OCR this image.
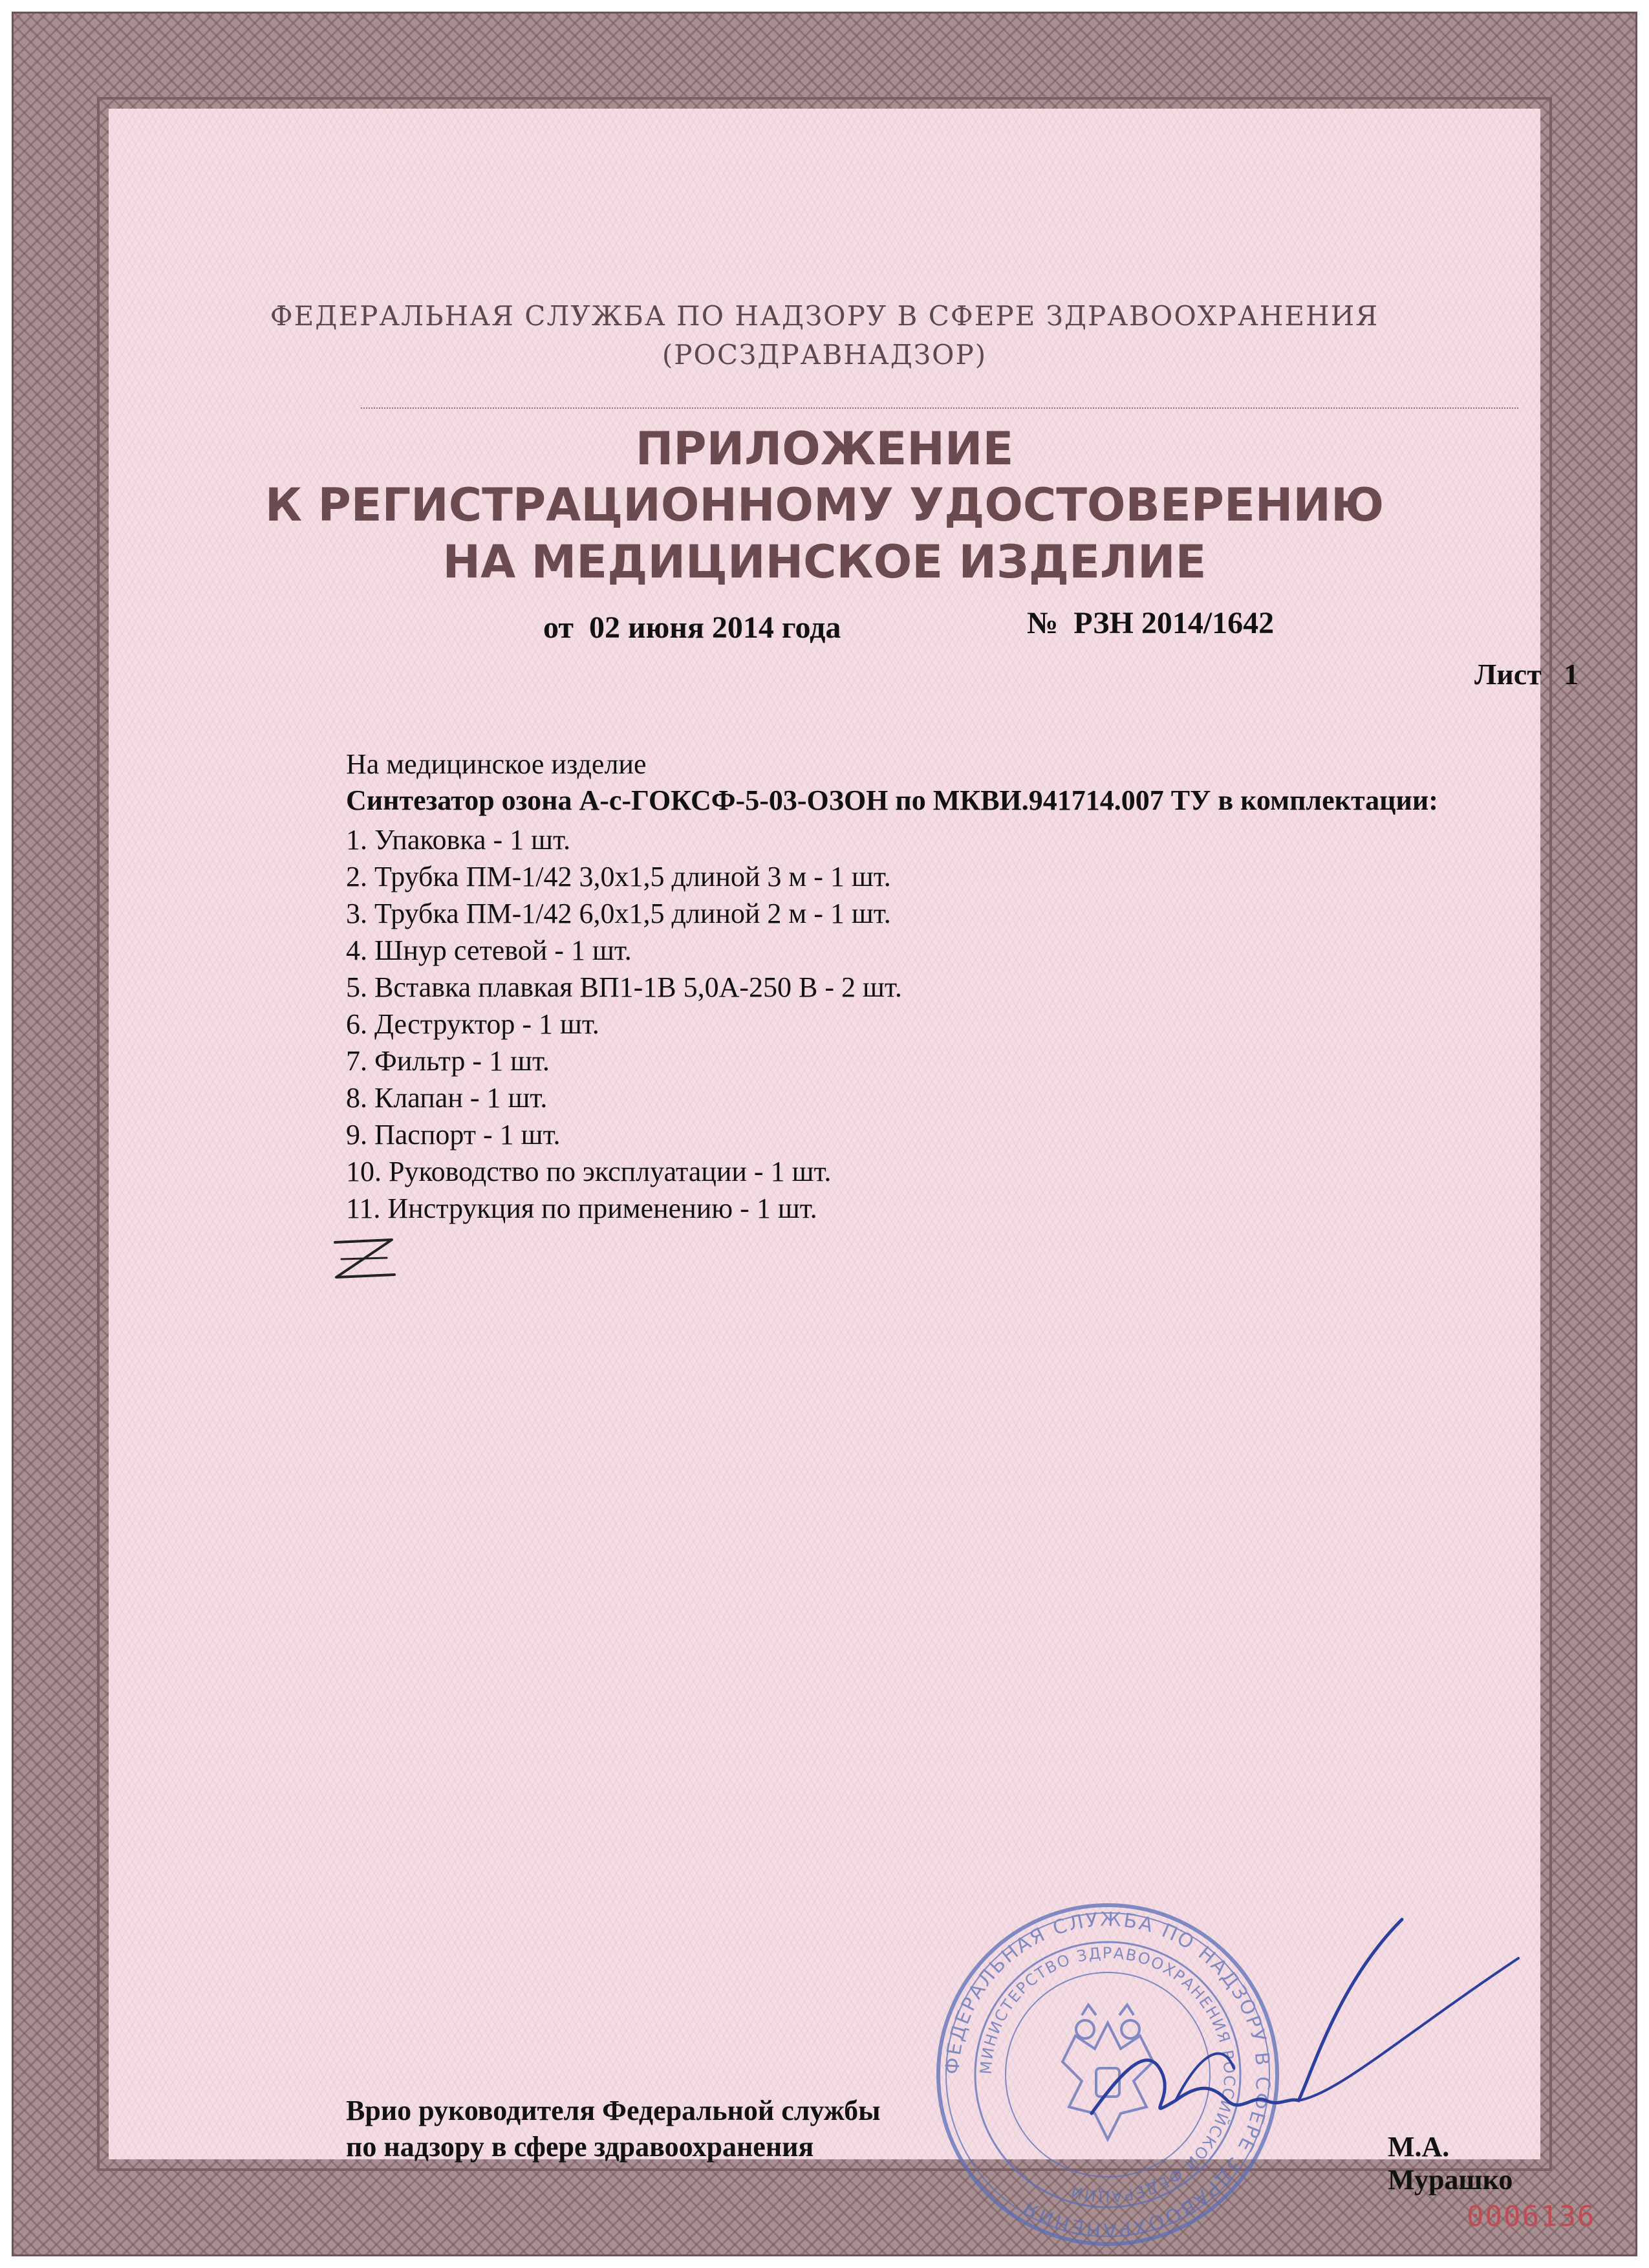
ФЕДЕРАЛЬНАЯ СЛУЖБА ПО НАДЗОРУ В СФЕРЕ ЗДРАВООХРАНЕНИЯ
(РОСЗДРАВНАДЗОР)
ПРИЛОЖЕНИЕ
К РЕГИСТРАЦИОННОМУ УДОСТОВЕРЕНИЮ
НА МЕДИЦИНСКОЕ ИЗДЕЛИЕ
от  02 июня 2014 года	№  РЗН 2014/1642
Лист   1
На медицинское изделие
Синтезатор озона А-с-ГОКСФ-5-03-ОЗОН по МКВИ.941714.007 ТУ в комплектации:
1. Упаковка - 1 шт.
2. Трубка ПМ-1/42 3,0х1,5 длиной 3 м - 1 шт.
3. Трубка ПМ-1/42 6,0х1,5 длиной 2 м - 1 шт.
4. Шнур сетевой - 1 шт.
5. Вставка плавкая ВП1-1В 5,0А-250 В - 2 шт.
6. Деструктор - 1 шт.
7. Фильтр - 1 шт.
8. Клапан - 1 шт.
9. Паспорт - 1 шт.
10. Руководство по эксплуатации - 1 шт.
11. Инструкция по применению - 1 шт.
ФЕДЕРАЛЬНАЯ СЛУЖБА ПО НАДЗОРУ В СФЕРЕ ЗДРАВООХРАНЕНИЯ
МИНИСТЕРСТВО ЗДРАВООХРАНЕНИЯ РОССИЙСКОЙ ФЕДЕРАЦИИ
Врио руководителя Федеральной службы
по надзору в сфере здравоохранения	М.А. Мурашко
0006136
